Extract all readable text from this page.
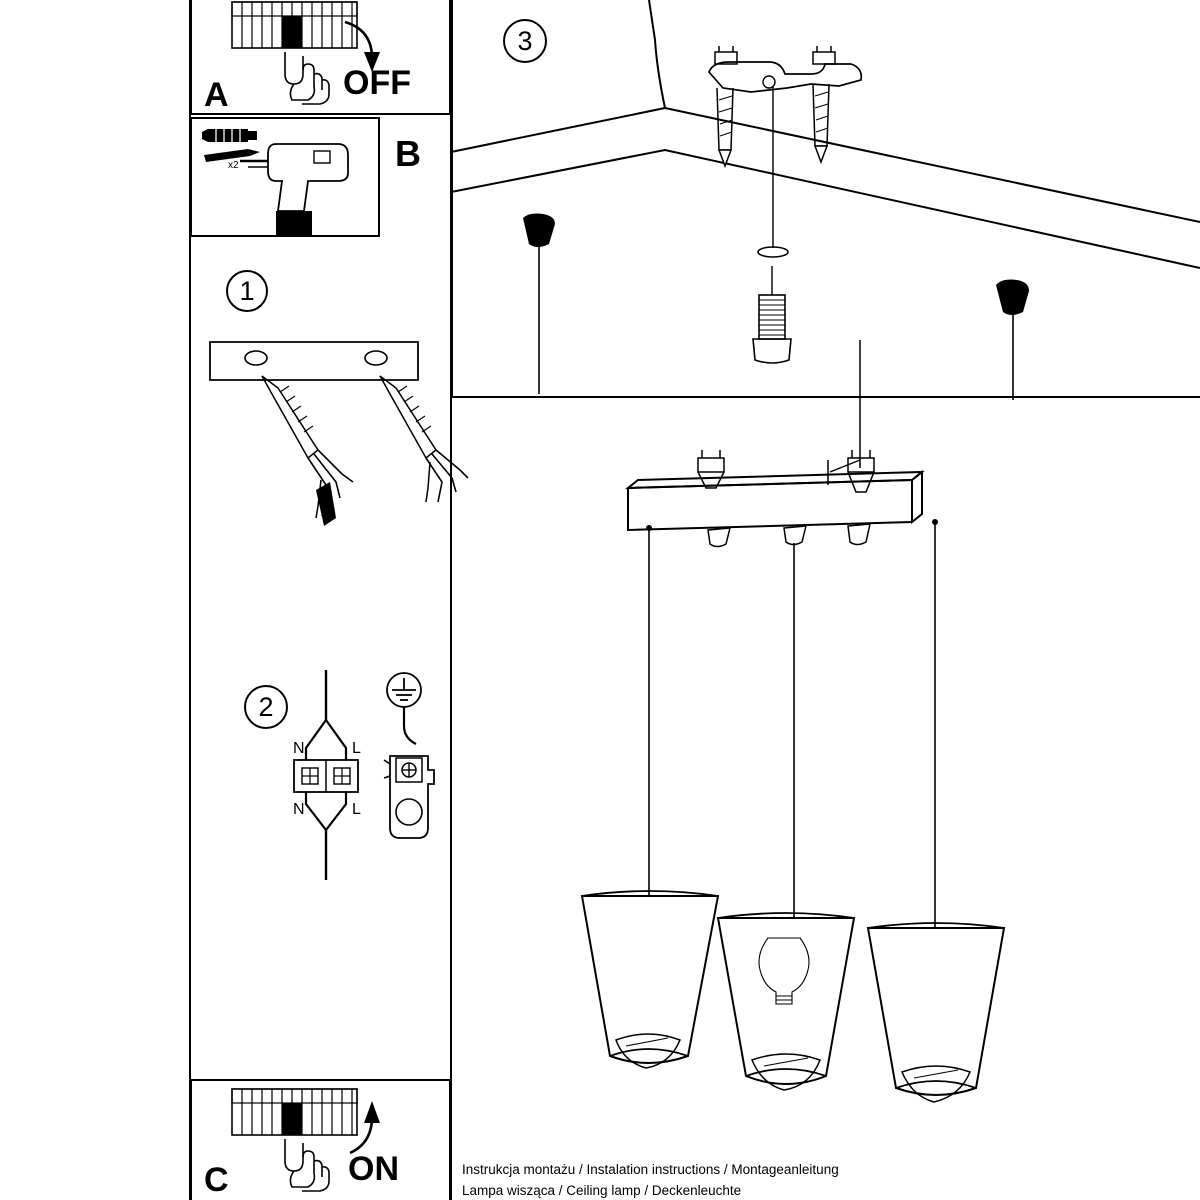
A	OFF
B
x2
1
2
N	L
N	L
C	ON
3
Instrukcja montażu / Instalation instructions / Montageanleitung
Lampa wisząca / Ceiling lamp / Deckenleuchte
